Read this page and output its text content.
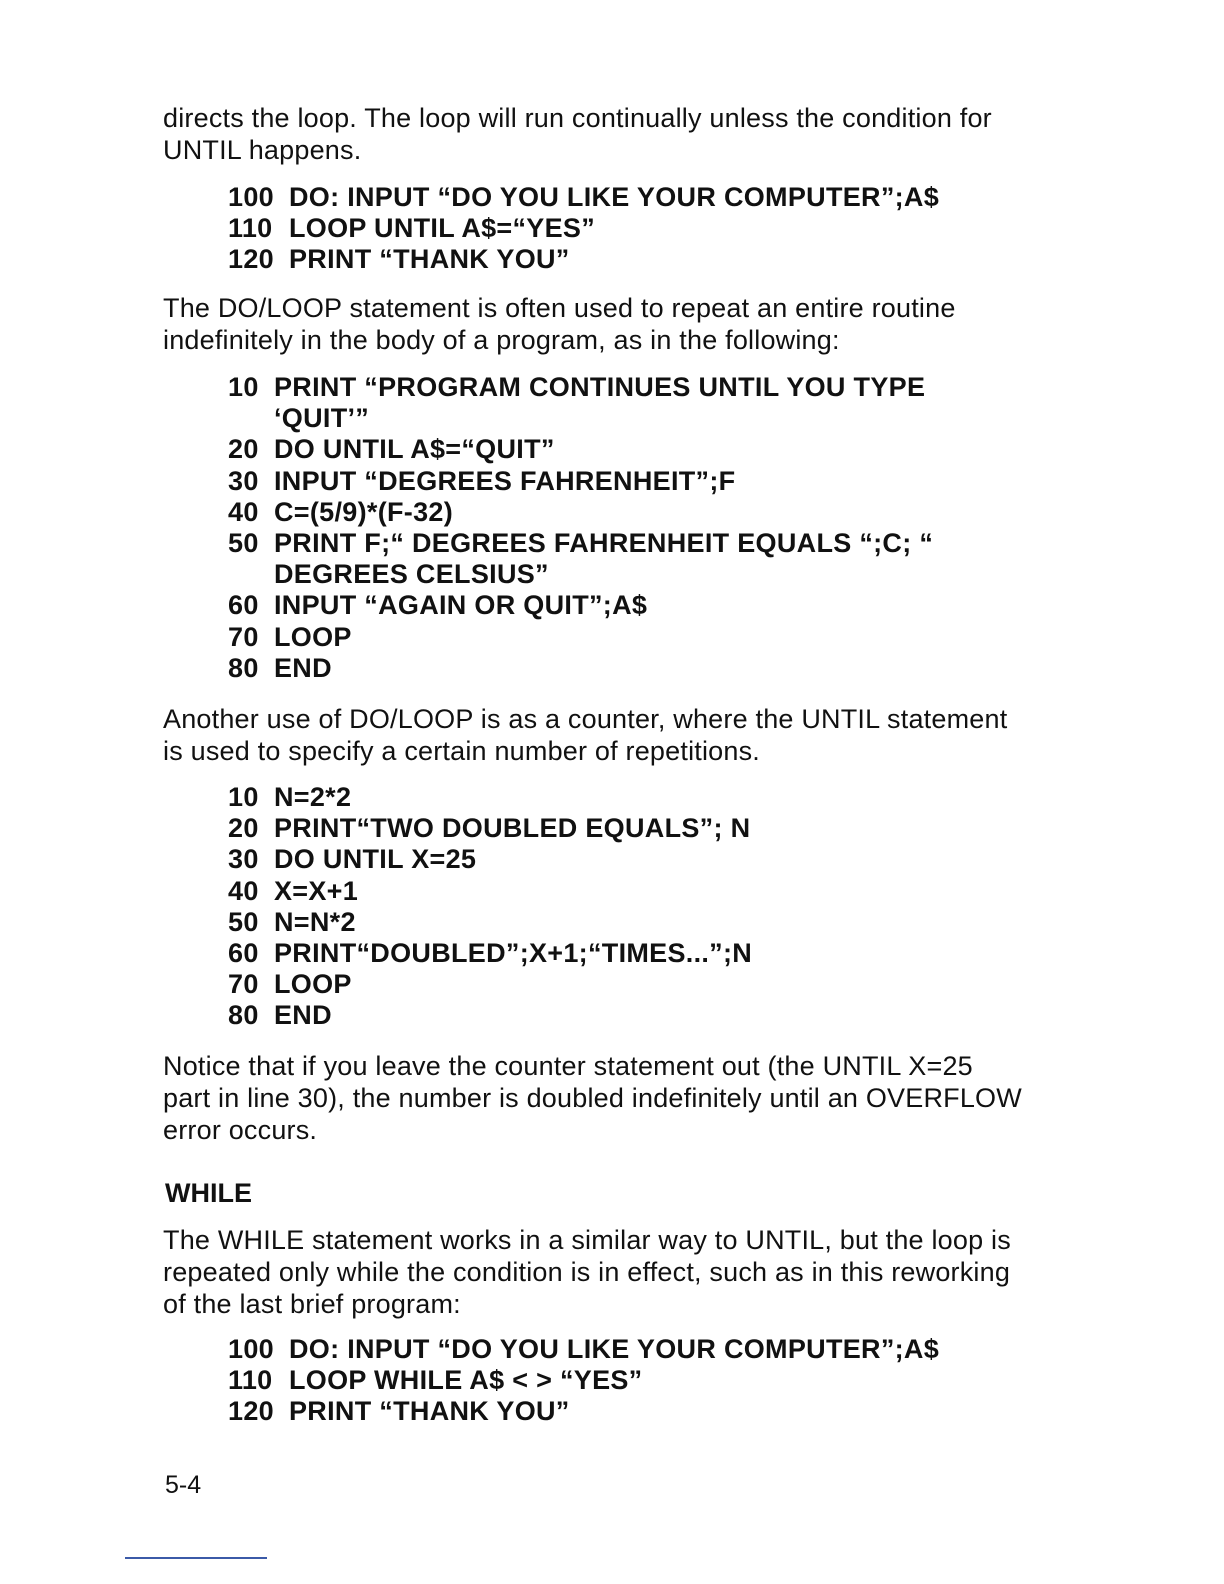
directs the loop. The loop will run continually unless the condition for UNTIL happens.

100 DO: INPUT “DO YOU LIKE YOUR COMPUTER”;A$
110 LOOP UNTIL A$=“YES”
120 PRINT “THANK YOU”

The DO/LOOP statement is often used to repeat an entire routine indefinitely in the body of a program, as in the following:

10 PRINT “PROGRAM CONTINUES UNTIL YOU TYPE
‘QUIT’”
20 DO UNTIL A$=“QUIT”
30 INPUT “DEGREES FAHRENHEIT”;F
40 C=(5/9)*(F-32)
50 PRINT F;“ DEGREES FAHRENHEIT EQUALS “;C; “
DEGREES CELSIUS”
60 INPUT “AGAIN OR QUIT”;A$
70 LOOP
80 END

Another use of DO/LOOP is as a counter, where the UNTIL statement is used to specify a certain number of repetitions.

10 N=2*2
20 PRINT“TWO DOUBLED EQUALS”; N
30 DO UNTIL X=25
40 X=X+1
50 N=N*2
60 PRINT“DOUBLED”;X+1;“TIMES...”;N
70 LOOP
80 END

Notice that if you leave the counter statement out (the UNTIL X=25 part in line 30), the number is doubled indefinitely until an OVERFLOW error occurs.

WHILE

The WHILE statement works in a similar way to UNTIL, but the loop is repeated only while the condition is in effect, such as in this reworking of the last brief program:

100 DO: INPUT “DO YOU LIKE YOUR COMPUTER”;A$
110 LOOP WHILE A$ < > “YES”
120 PRINT “THANK YOU”
5-4
